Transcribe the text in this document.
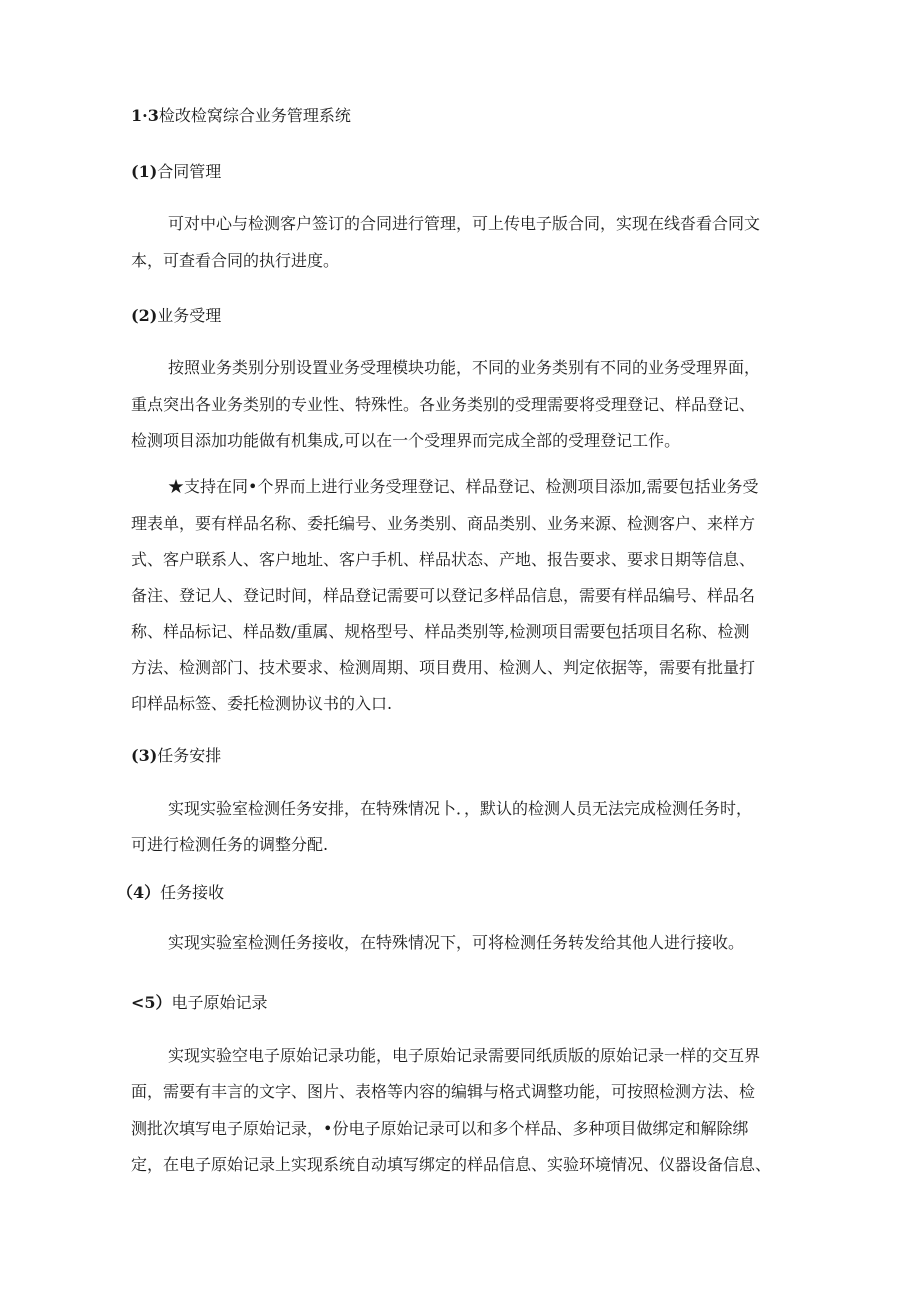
1·3检改检窝综合业务管理系统
(1)合同管理
可对中心与检测客户签订的合同进行管理，可上传电子版合同，实现在线沓看合同文
本，可查看合同的执行进度。
(2)业务受理
按照业务类别分别设置业务受理模块功能，不同的业务类别有不同的业务受理界面，
重点突出各业务类别的专业性、特殊性。各业务类别的受理需要将受理登记、样品登记、
检测项目添加功能做有机集成,可以在一个受理界而完成全部的受理登记工作。
★支持在同•个界而上进行业务受理登记、样品登记、检测项目添加,需要包括业务受
理表单，要有样品名称、委托编号、业务类别、商品类别、业务来源、检测客户、来样方
式、客户联系人、客户地址、客户手机、样品状态、产地、报告要求、要求日期等信息、
备注、登记人、登记时间，样品登记需要可以登记多样品信息，需要有样品编号、样品名
称、样品标记、样品数/重属、规格型号、样品类别等,检测项目需要包括项目名称、检测
方法、检测部门、技术要求、检测周期、项目费用、检测人、判定依据等，需要有批量打
印样品标签、委托检测协议书的入口.
(3)任务安排
实现实验室检测任务安排，在特殊情况卜．，默认的检测人员无法完成检测任务时，
可进行检测任务的调整分配.
（4）任务接收
实现实验室检测任务接收，在特殊情况下，可将检测任务转发给其他人进行接收。
<5）电子原始记录
实现实验空电子原始记录功能，电子原始记录需要同纸质版的原始记录一样的交互界
面，需要有丰言的文字、图片、表格等内容的编辑与格式调整功能，可按照检测方法、检
测批次填写电子原始记录，•份电子原始记录可以和多个样品、多种项目做绑定和解除绑
定，在电子原始记录上实现系统自动填写绑定的样品信息、实验环境情况、仪器设备信息、
